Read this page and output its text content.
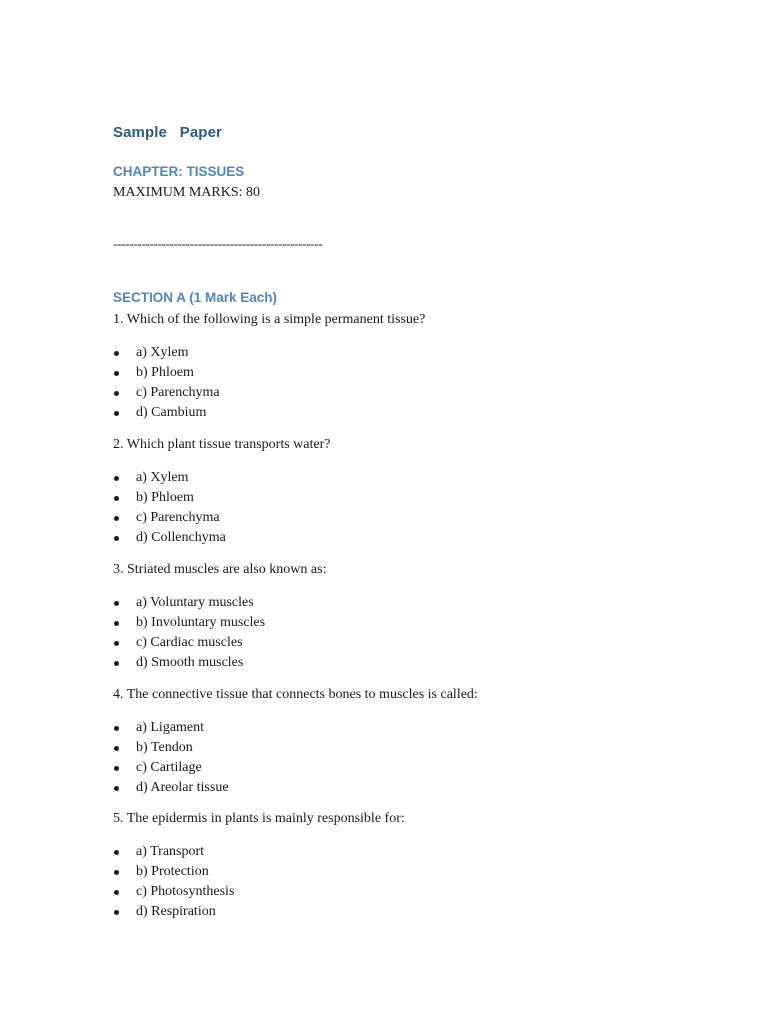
Sample   Paper
CHAPTER: TISSUES
MAXIMUM MARKS: 80
----------------------------------------------------
SECTION A (1 Mark Each)
1. Which of the following is a simple permanent tissue?
a) Xylem
b) Phloem
c) Parenchyma
d) Cambium
2. Which plant tissue transports water?
a) Xylem
b) Phloem
c) Parenchyma
d) Collenchyma
3. Striated muscles are also known as:
a) Voluntary muscles
b) Involuntary muscles
c) Cardiac muscles
d) Smooth muscles
4. The connective tissue that connects bones to muscles is called:
a) Ligament
b) Tendon
c) Cartilage
d) Areolar tissue
5. The epidermis in plants is mainly responsible for:
a) Transport
b) Protection
c) Photosynthesis
d) Respiration
